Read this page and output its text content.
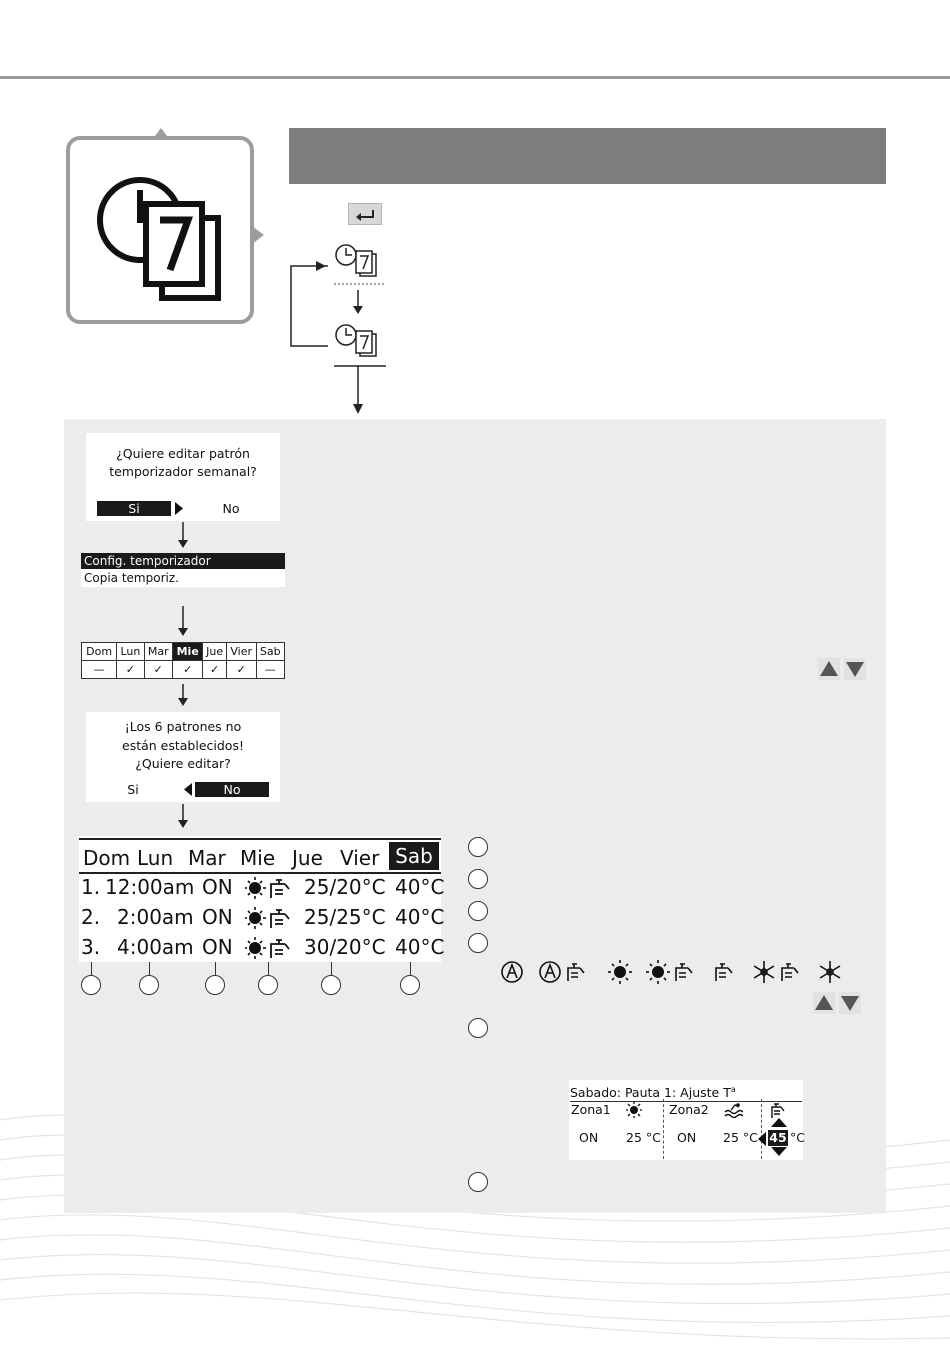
¿Quiere editar patrón
temporizador semanal?
Si	No
Config. temporizador
Copia temporiz.
Dom	Lun	Mar	Mie	Jue	Vier	Sab
—	✓	✓	✓	✓	✓	—
¡Los 6 patrones no
están establecidos!
¿Quiere editar?
Si	No
Dom Lun Mar Mie Jue Vier Sab
1. 12:00am ON	25/20°C 40°C
2. 2:00am ON	25/25°C 40°C
3. 4:00am ON	30/20°C 40°C
Sabado: Pauta 1: Ajuste $T^a$
Zona1	Zona2
ON 25 °C ON 25 °C 45 °C
